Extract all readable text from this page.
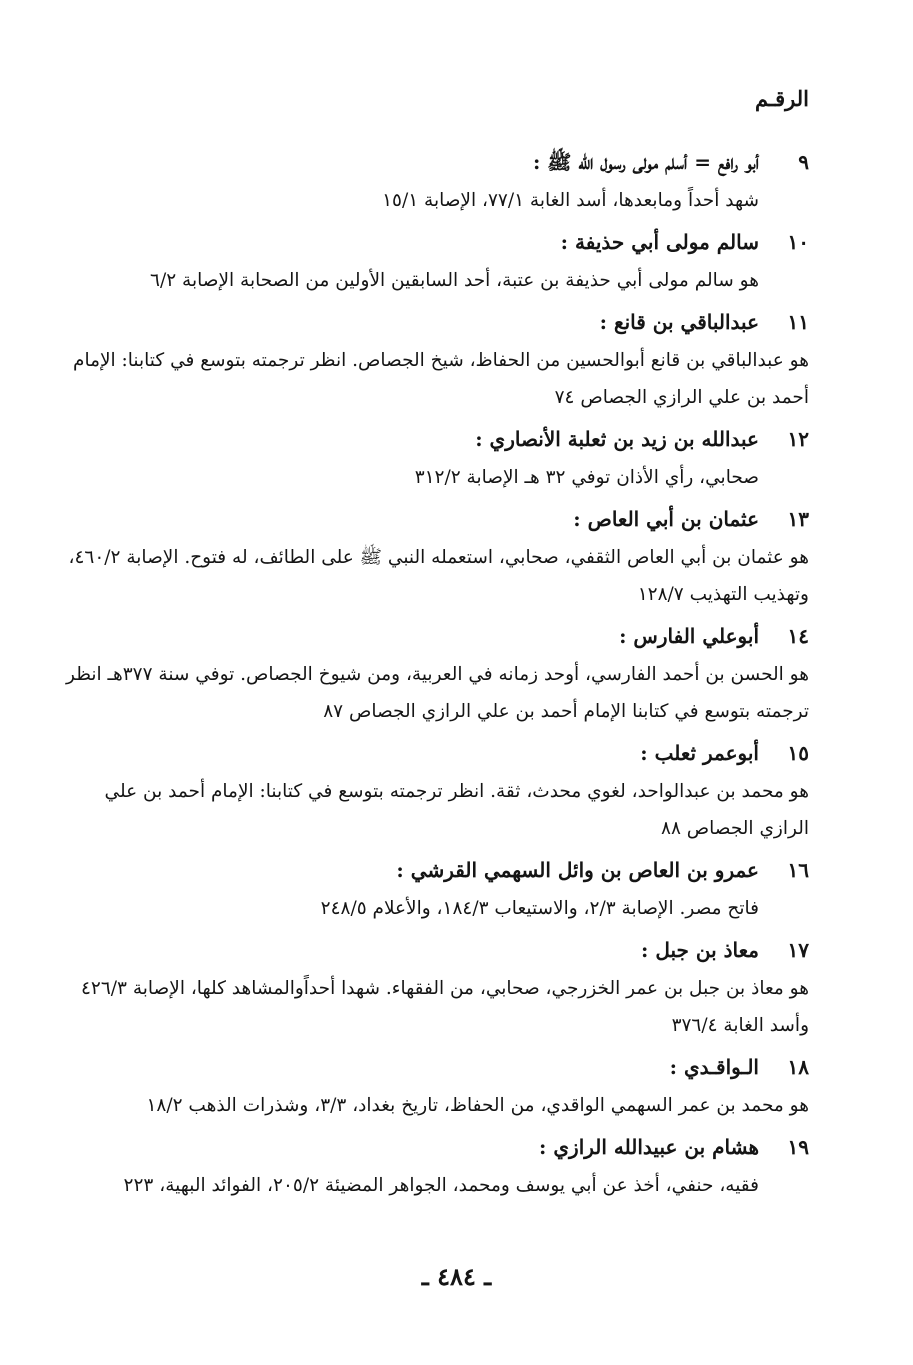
الرقـم
٩
أبو رافع = أسلم مولى رسول الله ﷺ :
شهد أحداً ومابعدها، أسد الغابة ٧٧/١، الإصابة ١٥/١
١٠
سالم مولى أبي حذيفة :
هو سالم مولى أبي حذيفة بن عتبة، أحد السابقين الأولين من الصحابة الإصابة ٦/٢
١١
عبدالباقي بن قانع :
هو عبدالباقي بن قانع أبوالحسين من الحفاظ، شيخ الجصاص. انظر ترجمته بتوسع في كتابنا: الإمام أحمد بن علي الرازي الجصاص ٧٤
١٢
عبدالله بن زيد بن ثعلبة الأنصاري :
صحابي، رأي الأذان توفي ٣٢ هـ الإصابة ٣١٢/٢
١٣
عثمان بن أبي العاص :
هو عثمان بن أبي العاص الثقفي، صحابي، استعمله النبي ﷺ على الطائف، له فتوح. الإصابة ٤٦٠/٢، وتهذيب التهذيب ١٢٨/٧
١٤
أبوعلي الفارس :
هو الحسن بن أحمد الفارسي، أوحد زمانه في العربية، ومن شيوخ الجصاص. توفي سنة ٣٧٧هـ انظر ترجمته بتوسع في كتابنا الإمام أحمد بن علي الرازي الجصاص ٨٧
١٥
أبوعمر ثعلب :
هو محمد بن عبدالواحد، لغوي محدث، ثقة. انظر ترجمته بتوسع في كتابنا: الإمام أحمد بن علي الرازي الجصاص ٨٨
١٦
عمرو بن العاص بن وائل السهمي القرشي :
فاتح مصر. الإصابة ٢/٣، والاستيعاب ١٨٤/٣، والأعلام ٢٤٨/٥
١٧
معاذ بن جبل :
هو معاذ بن جبل بن عمر الخزرجي، صحابي، من الفقهاء. شهدا أحداًوالمشاهد كلها، الإصابة ٤٢٦/٣ وأسد الغابة ٣٧٦/٤
١٨
الـواقـدي :
هو محمد بن عمر السهمي الواقدي، من الحفاظ، تاريخ بغداد، ٣/٣، وشذرات الذهب ١٨/٢
١٩
هشام بن عبيدالله الرازي :
فقيه، حنفي، أخذ عن أبي يوسف ومحمد، الجواهر المضيئة ٢٠٥/٢، الفوائد البهية، ٢٢٣
ـ ٤٨٤ ـ
